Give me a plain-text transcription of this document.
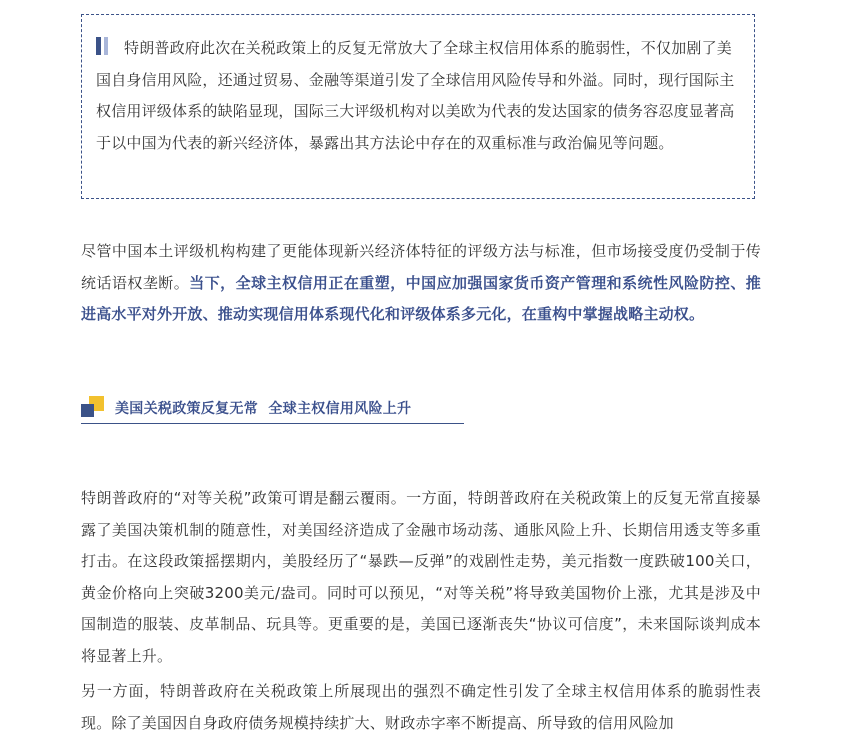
特朗普政府此次在关税政策上的反复无常放大了全球主权信用体系的脆弱性，不仅加剧了美国自身信用风险，还通过贸易、金融等渠道引发了全球信用风险传导和外溢。同时，现行国际主权信用评级体系的缺陷显现，国际三大评级机构对以美欧为代表的发达国家的债务容忍度显著高于以中国为代表的新兴经济体，暴露出其方法论中存在的双重标准与政治偏见等问题。

尽管中国本土评级机构构建了更能体现新兴经济体特征的评级方法与标准，但市场接受度仍受制于传统话语权垄断。当下，全球主权信用正在重塑，中国应加强国家货币资产管理和系统性风险防控、推进高水平对外开放、推动实现信用体系现代化和评级体系多元化，在重构中掌握战略主动权。

美国关税政策反复无常  全球主权信用风险上升

特朗普政府的“对等关税”政策可谓是翻云覆雨。一方面，特朗普政府在关税政策上的反复无常直接暴露了美国决策机制的随意性，对美国经济造成了金融市场动荡、通胀风险上升、长期信用透支等多重打击。在这段政策摇摆期内，美股经历了“暴跌—反弹”的戏剧性走势，美元指数一度跌破100关口，黄金价格向上突破3200美元/盎司。同时可以预见，“对等关税”将导致美国物价上涨，尤其是涉及中国制造的服装、皮革制品、玩具等。更重要的是，美国已逐渐丧失“协议可信度”，未来国际谈判成本将显著上升。

另一方面，特朗普政府在关税政策上所展现出的强烈不确定性引发了全球主权信用体系的脆弱性表现。除了美国因自身政府债务规模持续扩大、财政赤字率不断提高、所导致的信用风险加
